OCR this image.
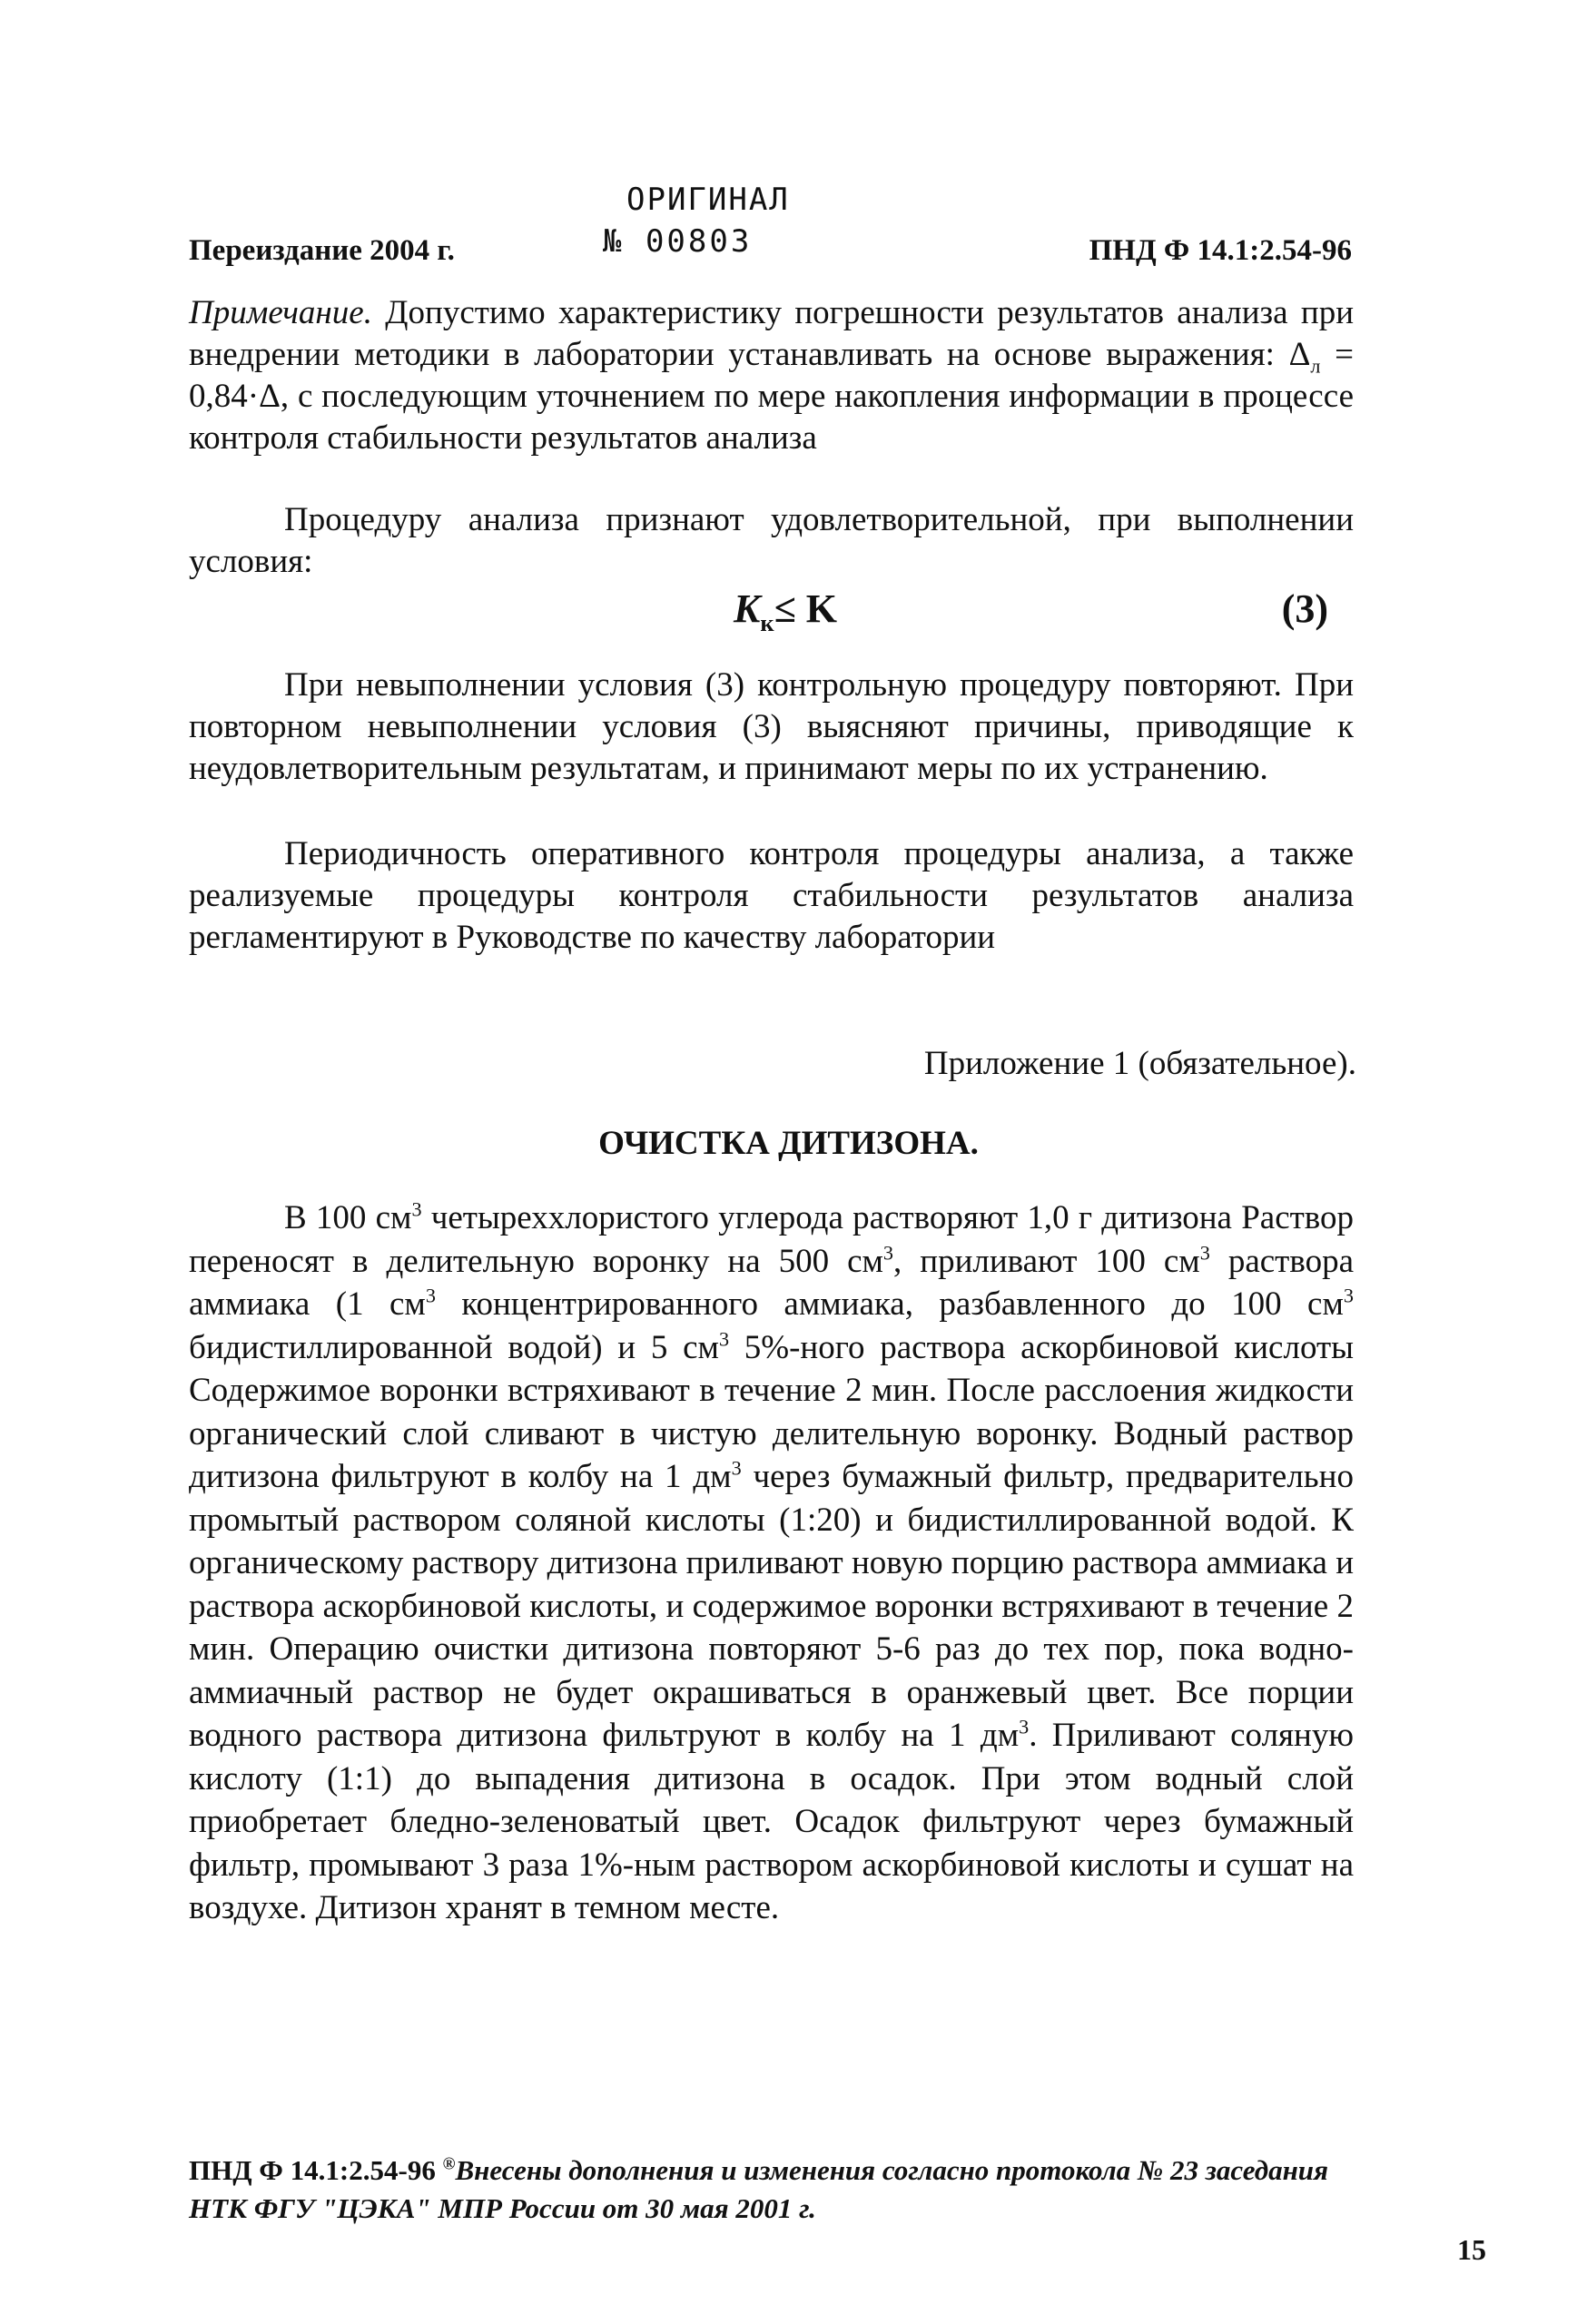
ОРИГИНАЛ
№ 00803
Переиздание 2004 г.	ПНД Ф 14.1:2.54-96
Примечание. Допустимо характеристику погрешности результатов анализа при внедрении методики в лаборатории устанавливать на основе выражения: $\Delta_л = 0,84\cdot\Delta$, с последующим уточнением по мере накопления информации в процессе контроля стабильности результатов анализа
Процедуру анализа признают удовлетворительной, при выполнении условия:
$K_к\le K$	(3)
При невыполнении условия (3) контрольную процедуру повторяют. При повторном невыполнении условия (3) выясняют причины, приводящие к неудовлетворительным результатам, и принимают меры по их устранению.
Периодичность оперативного контроля процедуры анализа, а также реализуемые процедуры контроля стабильности результатов анализа регламентируют в Руководстве по качеству лаборатории
Приложение 1 (обязательное).
ОЧИСТКА ДИТИЗОНА.
В 100 $см^3$ четыреххлористого углерода растворяют 1,0 г дитизона Раствор переносят в делительную воронку на 500 $см^3$, приливают 100 $см^3$ раствора аммиака (1 $см^3$ концентрированного аммиака, разбавленного до 100 $см^3$ бидистиллированной водой) и 5 $см^3$ 5%-ного раствора аскорбиновой кислоты Содержимое воронки встряхивают в течение 2 мин. После расслоения жидкости органический слой сливают в чистую делительную воронку. Водный раствор дитизона фильтруют в колбу на 1 $дм^3$ через бумажный фильтр, предварительно промытый раствором соляной кислоты (1:20) и бидистиллированной водой. К органическому раствору дитизона приливают новую порцию раствора аммиака и раствора аскорбиновой кислоты, и содержимое воронки встряхивают в течение 2 мин. Операцию очистки дитизона повторяют 5-6 раз до тех пор, пока водно-аммиачный раствор не будет окрашиваться в оранжевый цвет. Все порции водного раствора дитизона фильтруют в колбу на 1 $дм^3$. Приливают соляную кислоту (1:1) до выпадения дитизона в осадок. При этом водный слой приобретает бледно-зеленоватый цвет. Осадок фильтруют через бумажный фильтр, промывают 3 раза 1%-ным раствором аскорбиновой кислоты и сушат на воздухе. Дитизон хранят в темном месте.
ПНД Ф 14.1:2.54-96 ®Внесены дополнения и изменения согласно протокола № 23 заседания НТК ФГУ "ЦЭКА" МПР России от 30 мая 2001 г.
15
